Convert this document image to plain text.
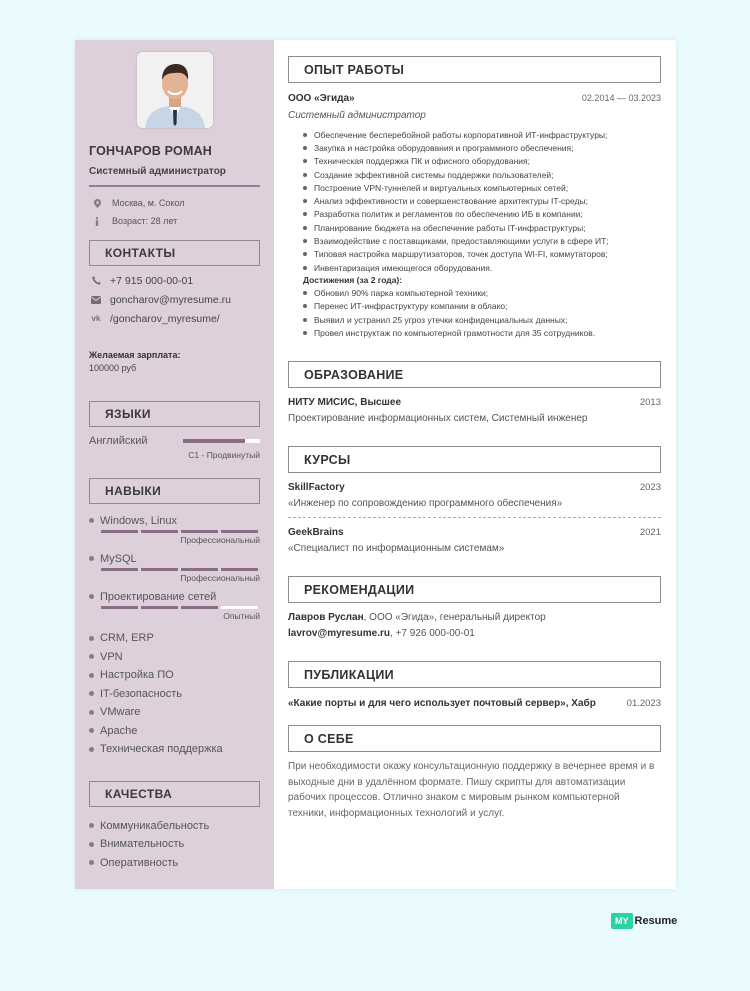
ГОНЧАРОВ РОМАН
Системный администратор
Москва, м. Сокол
Возраст: 28 лет
КОНТАКТЫ
+7 915 000-00-01
goncharov@myresume.ru
vk /goncharov_myresume/
Желаемая зарплата:
100000 руб
ЯЗЫКИ
Английский
С1 - Продвинутый
НАВЫКИ
Windows, Linux
Профессиональный
MySQL
Профессиональный
Проектирование сетей
Опытный
CRM, ERP
VPN
Настройка ПО
IT-безопасность
VMware
Apache
Техническая поддержка
КАЧЕСТВА
Коммуникабельность
Внимательность
Оперативность
ОПЫТ РАБОТЫ
ООО «Эгида»	02.2014 — 03.2023
Системный администратор
Обеспечение бесперебойной работы корпоративной ИТ-инфраструктуры;
Закупка и настройка оборудования и программного обеспечения;
Техническая поддержка ПК и офисного оборудования;
Создание эффективной системы поддержки пользователей;
Построение VPN-туннелей и виртуальных компьютерных сетей;
Анализ эффективности и совершенствование архитектуры IT-среды;
Разработка политик и регламентов по обеспечению ИБ в компании;
Планирование бюджета на обеспечение работы IT-инфраструктуры;
Взаимодействие с поставщиками, предоставляющими услуги в сфере ИТ;
Типовая настройка маршрутизаторов, точек доступа WI-FI, коммутаторов;
Инвентаризация имеющегося оборудования.
Достижения (за 2 года):
Обновил 90% парка компьютерной техники;
Перенес ИТ-инфраструктуру компании в облако;
Выявил и устранил 25 угроз утечки конфиденциальных данных;
Провел инструктаж по компьютерной грамотности для 35 сотрудников.
ОБРАЗОВАНИЕ
НИТУ МИСИС, Высшее	2013
Проектирование информационных систем, Системный инженер
КУРСЫ
SkillFactory	2023
«Инженер по сопровождению программного обеспечения»
GeekBrains	2021
«Специалист по информационным системам»
РЕКОМЕНДАЦИИ
Лавров Руслан, ООО «Эгида», генеральный директор
lavrov@myresume.ru, +7 926 000-00-01
ПУБЛИКАЦИИ
«Какие порты и для чего использует почтовый сервер», Хабр	01.2023
О СЕБЕ
При необходимости окажу консультационную поддержку в вечернее время и в выходные дни в удалённом формате. Пишу скрипты для автоматизации рабочих процессов. Отлично знаком с мировым рынком компьютерной техники, информационных технологий и услуг.
MY Resume
